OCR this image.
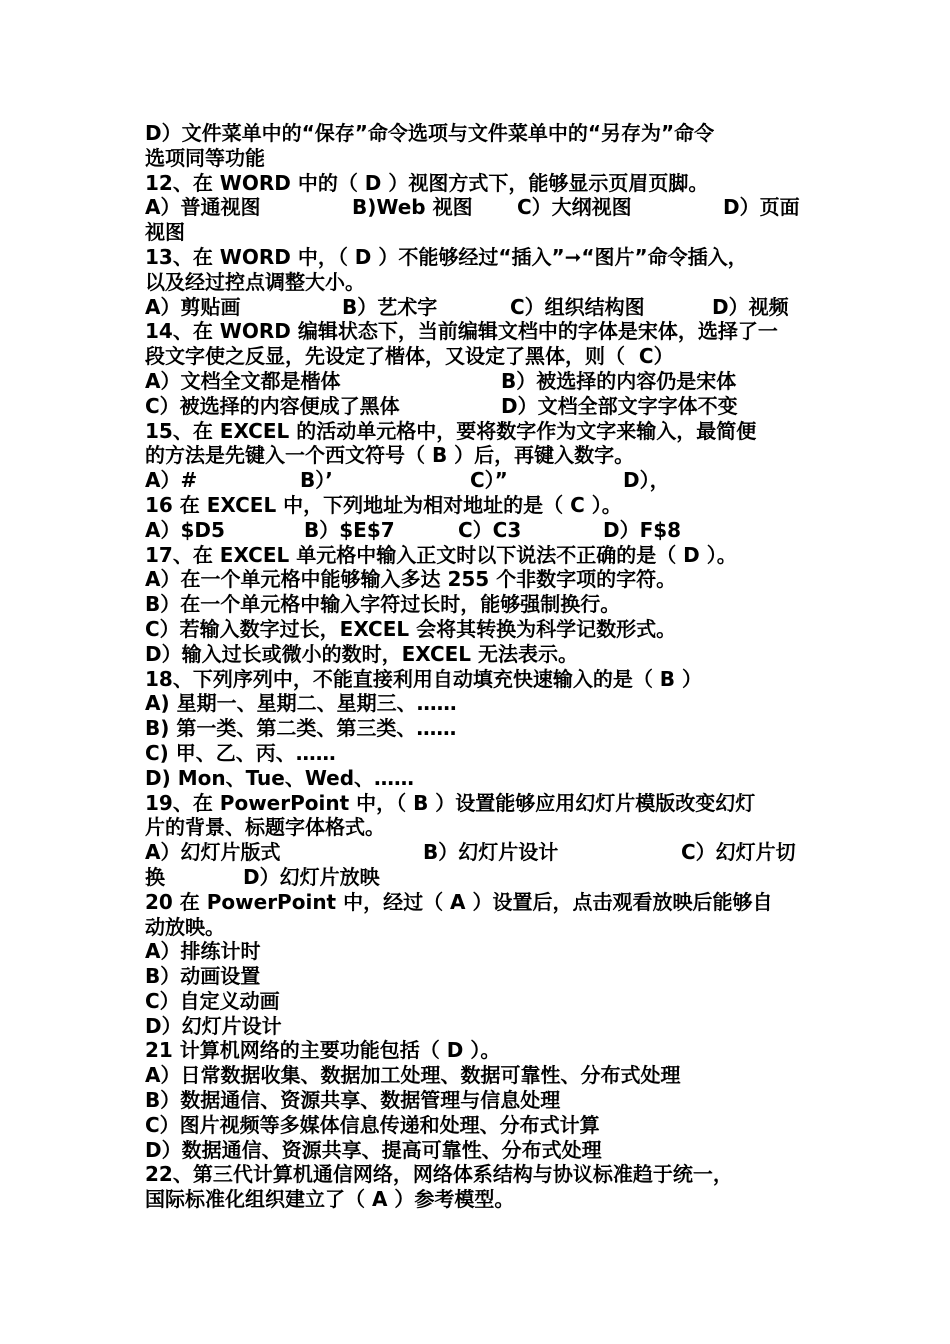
D）文件菜单中的“保存”命令选项与文件菜单中的“另存为”命令
选项同等功能
12、在 WORD 中的（ D ）视图方式下，能够显示页眉页脚。
A）普通视图	B)Web 视图	C）大纲视图	D）页面
视图
13、在 WORD 中，（ D ）不能够经过“插入”➞“图片”命令插入，
以及经过控点调整大小。
A）剪贴画	B）艺术字	C）组织结构图	D）视频
14、在 WORD 编辑状态下，当前编辑文档中的字体是宋体，选择了一
段文字使之反显，先设定了楷体，又设定了黑体，则（  C）
A）文档全文都是楷体	B）被选择的内容仍是宋体
C）被选择的内容便成了黑体	D）文档全部文字字体不变
15、在 EXCEL 的活动单元格中，要将数字作为文字来输入，最简便
的方法是先键入一个西文符号（ B ）后，再键入数字。
A）#	B）’	C）”	D），
16 在 EXCEL 中，下列地址为相对地址的是（ C ）。
A）$D5	B）$E$7	C）C3	D）F$8
17、在 EXCEL 单元格中输入正文时以下说法不正确的是（ D ）。
A）在一个单元格中能够输入多达 255 个非数字项的字符。
B）在一个单元格中输入字符过长时，能够强制换行。
C）若输入数字过长，EXCEL 会将其转换为科学记数形式。
D）输入过长或微小的数时，EXCEL 无法表示。
18、下列序列中，不能直接利用自动填充快速输入的是（ B ）
A) 星期一、星期二、星期三、……
B) 第一类、第二类、第三类、……
C) 甲、乙、丙、……
D) Mon、Tue、Wed、……
19、在 PowerPoint 中，（ B ）设置能够应用幻灯片模版改变幻灯
片的背景、标题字体格式。
A）幻灯片版式	B）幻灯片设计	C）幻灯片切
换	D）幻灯片放映
20 在 PowerPoint 中，经过（ A ）设置后，点击观看放映后能够自
动放映。
A）排练计时
B）动画设置
C）自定义动画
D）幻灯片设计
21 计算机网络的主要功能包括（ D ）。
A）日常数据收集、数据加工处理、数据可靠性、分布式处理
B）数据通信、资源共享、数据管理与信息处理
C）图片视频等多媒体信息传递和处理、分布式计算
D）数据通信、资源共享、提高可靠性、分布式处理
22、第三代计算机通信网络，网络体系结构与协议标准趋于统一，
国际标准化组织建立了（ A ）参考模型。
